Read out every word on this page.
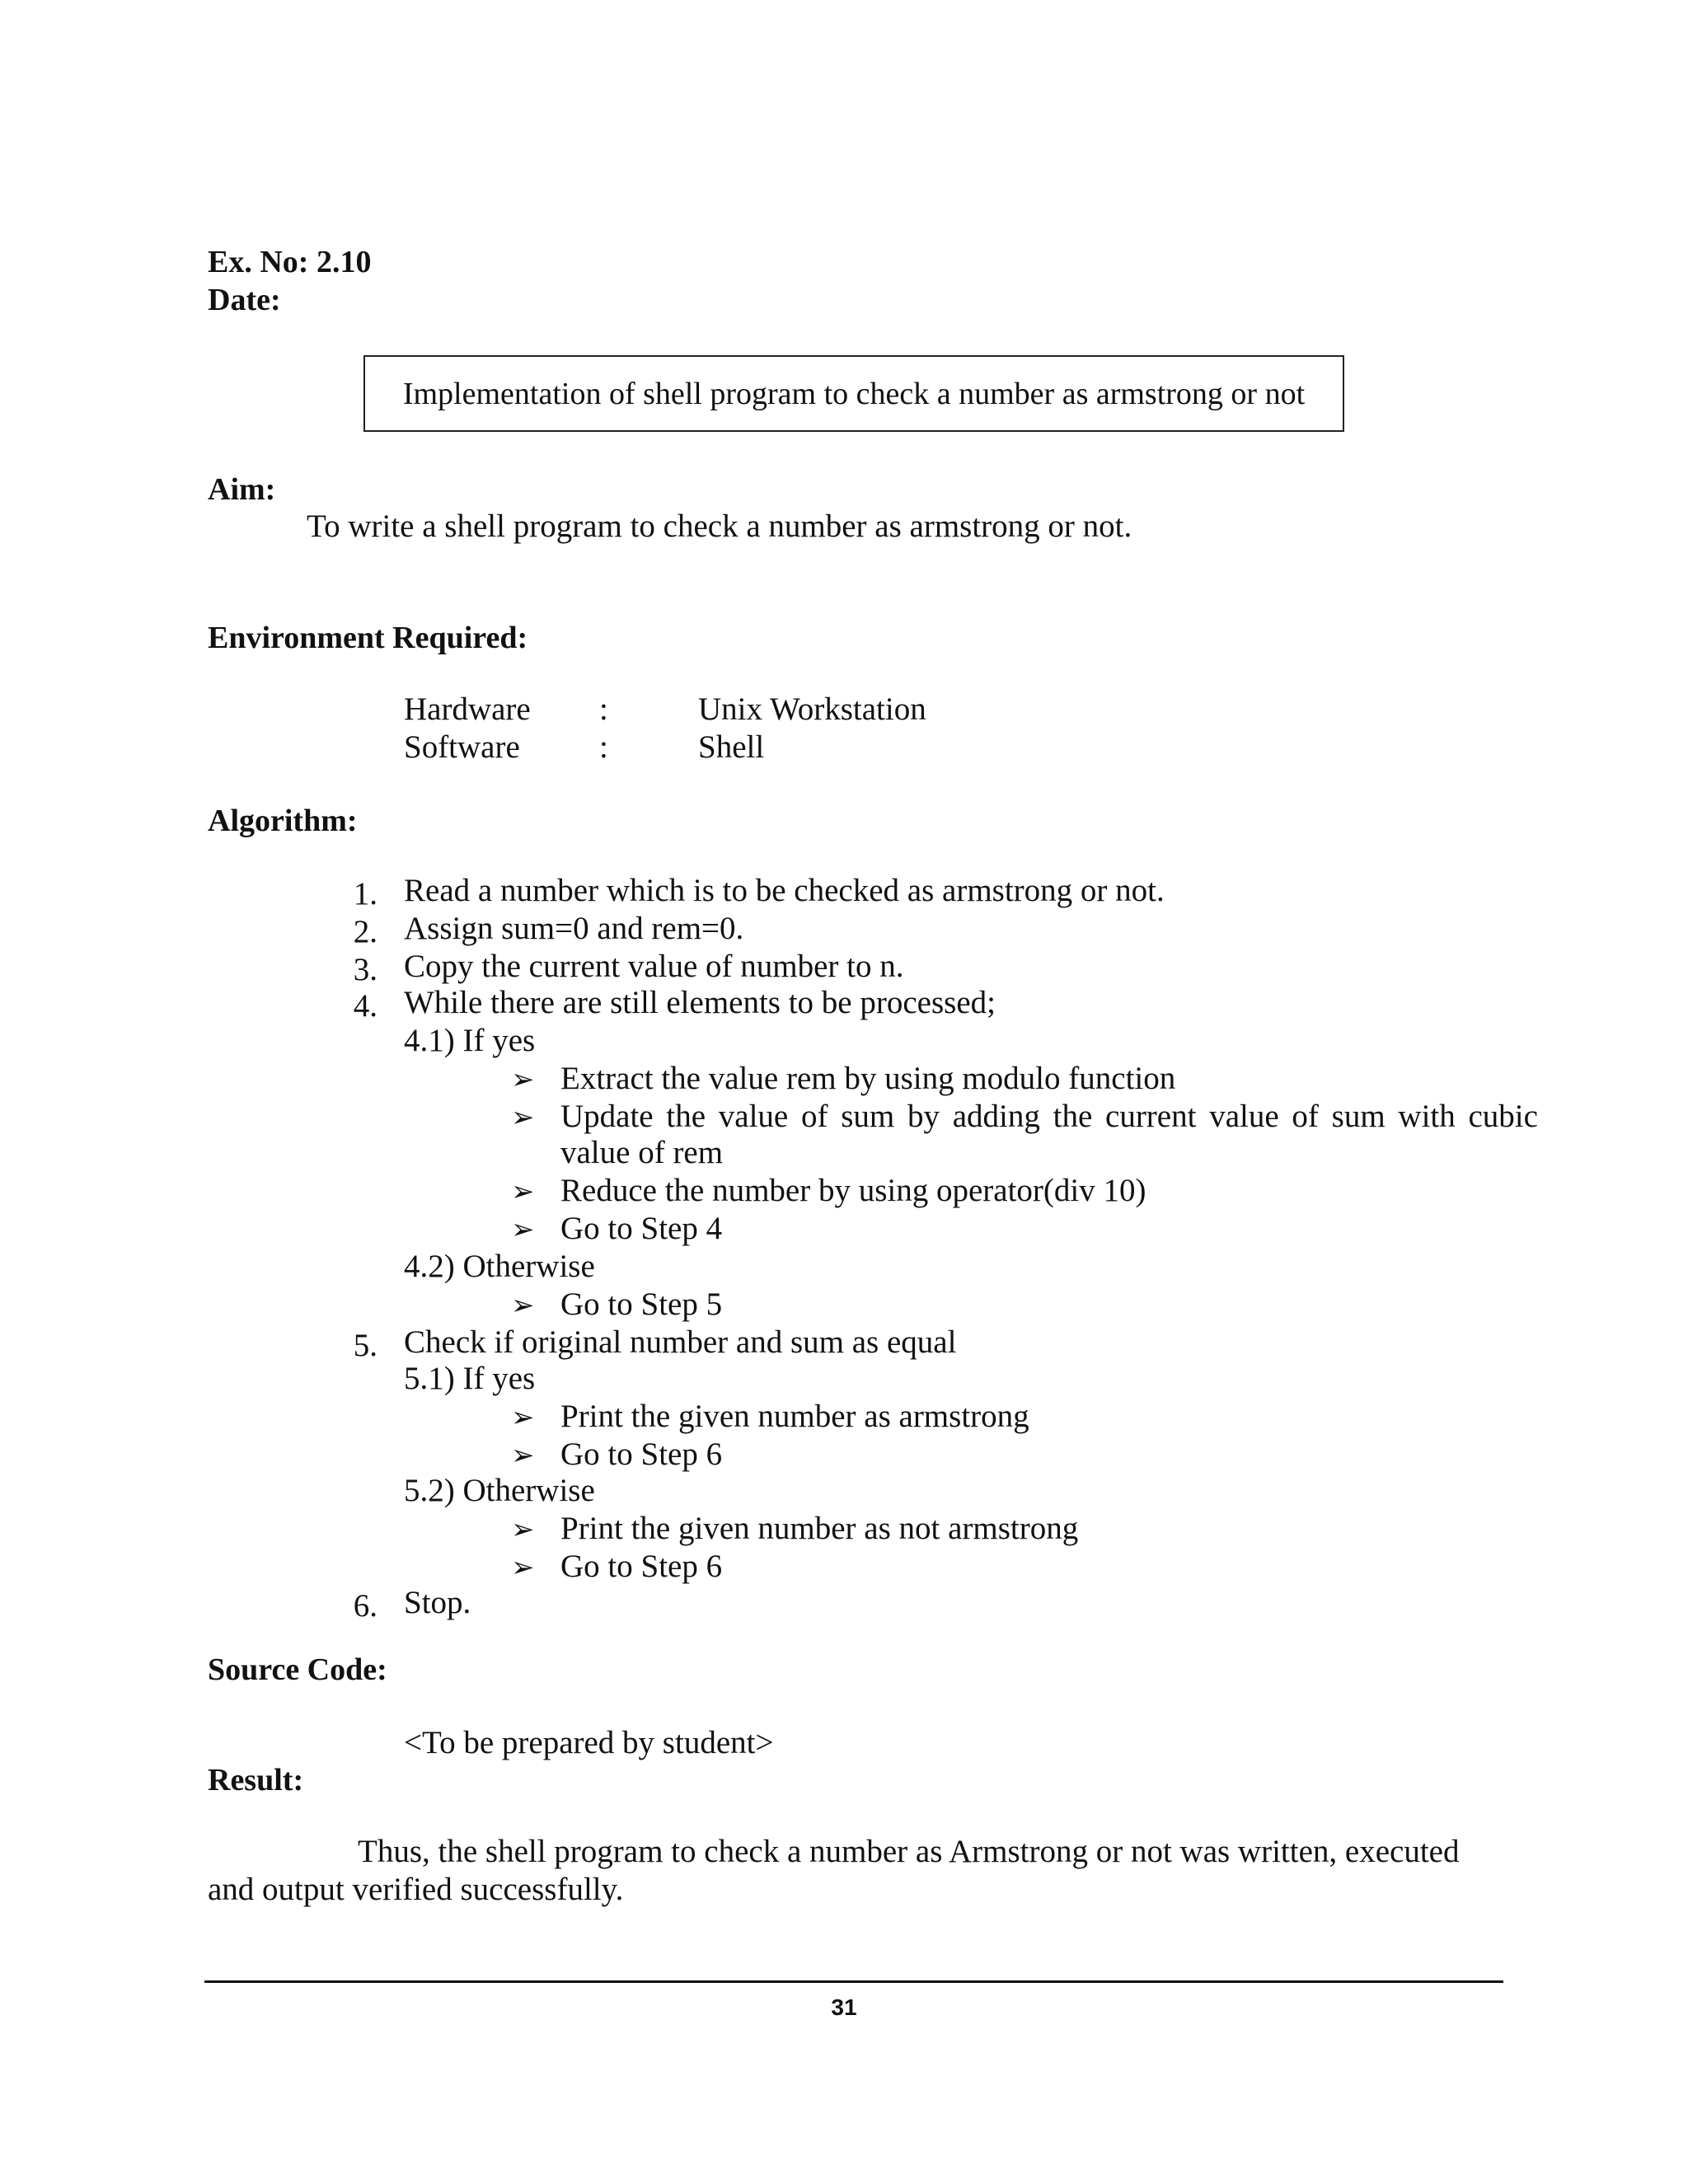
Ex. No: 2.10
Date:
Implementation of shell program to check a number as armstrong or not
Aim:
To write a shell program to check a number as armstrong or not.
Environment Required:
Hardware :	Unix Workstation
Software :	Shell
Algorithm:
1. Read a number which is to be checked as armstrong or not.
2. Assign sum=0 and rem=0.
3. Copy the current value of number to n.
4. While there are still elements to be processed;
4.1) If yes
➢ Extract the value rem by using modulo function
➢ Update the value of sum by adding the current value of sum with cubic
value of rem
➢ Reduce the number by using operator(div 10)
➢ Go to Step 4
4.2) Otherwise
➢ Go to Step 5
5. Check if original number and sum as equal
5.1) If yes
➢ Print the given number as armstrong
➢ Go to Step 6
5.2) Otherwise
➢ Print the given number as not armstrong
➢ Go to Step 6
6. Stop.
Source Code:
<To be prepared by student>
Result:
Thus, the shell program to check a number as Armstrong or not was written, executed
and output verified successfully.
31
